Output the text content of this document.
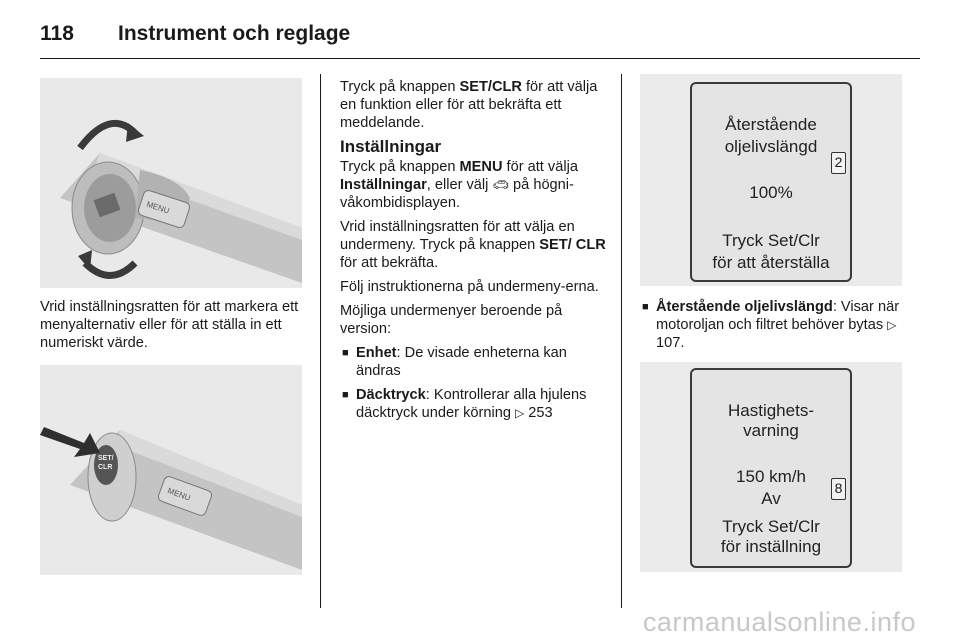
118 Instrument och reglage
MENU

Vrid inställningsratten för att markera ett menyalternativ eller för att ställa in ett numeriskt värde.

SET/
CLR
MENU

Tryck på knappen SET/CLR för att välja en funktion eller för att bekräfta ett meddelande.

Inställningar

Tryck på knappen MENU för att välja Inställningar, eller välj 🚗︎ på högni-våkombidisplayen.

Vrid inställningsratten för att välja en undermeny. Tryck på knappen SET/ CLR för att bekräfta.

Följ instruktionerna på undermeny-erna.

Möjliga undermenyer beroende på version:

■ Enhet: De visade enheterna kan ändras
■ Däcktryck: Kontrollerar alla hjulens däcktryck under körning ▷ 253
Återstående
oljelivslängd
100%
Tryck Set/Clr
för att återställa
2
■ Återstående oljelivslängd: Visar när motoroljan och filtret behöver bytas ▷ 107.
Hastighets-
varning
150 km/h
Av
Tryck Set/Clr
för inställning
8
carmanualsonline.info
